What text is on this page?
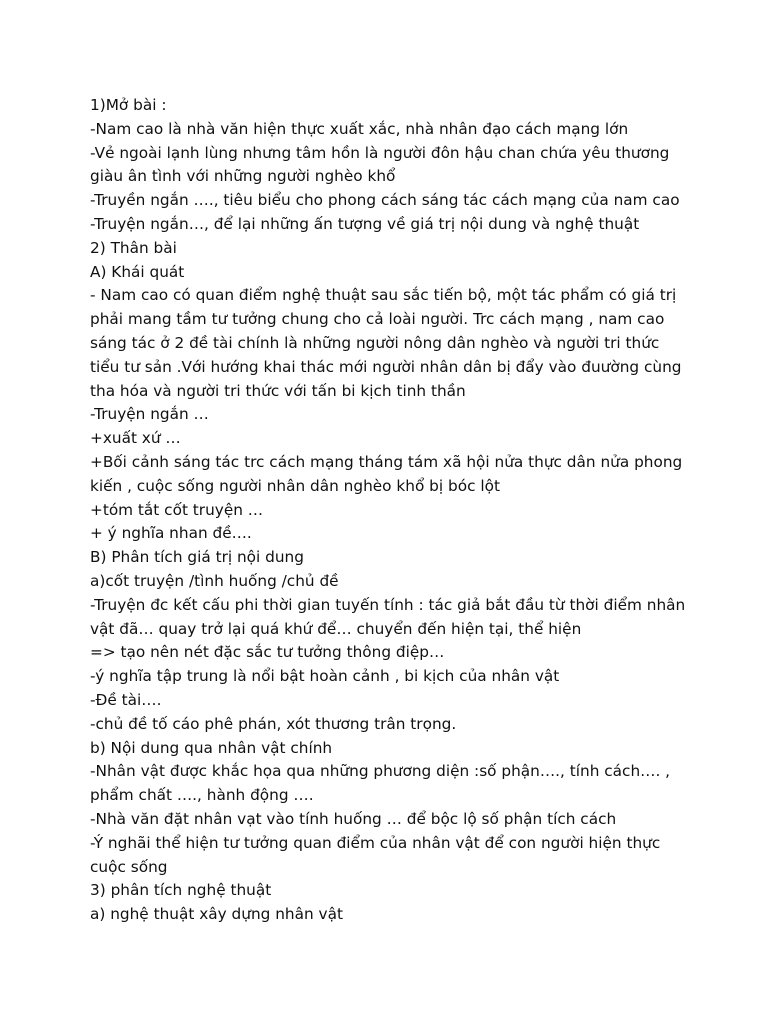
1)Mở bài :
-Nam cao là nhà văn hiện thực xuất xắc, nhà nhân đạo cách mạng lớn
-Vẻ ngoài lạnh lùng nhưng tâm hồn là người đôn hậu chan chứa yêu thương giàu ân tình với những người nghèo khổ
-Truyền ngắn …., tiêu biểu cho phong cách sáng tác cách mạng của nam cao
-Truyện ngắn…, để lại những ấn tượng về giá trị nội dung và nghệ thuật
2) Thân bài
A) Khái quát
- Nam cao có quan điểm nghệ thuật sau sắc tiến bộ, một tác phẩm có giá trị phải mang tầm tư tưởng chung cho cả loài người. Trc cách mạng , nam cao sáng tác ở 2 đề tài chính là những người nông dân nghèo và người tri thức tiểu tư sản .Với hướng khai thác mới người nhân dân bị đẩy vào đuường cùng tha hóa và người tri thức với tấn bi kịch tinh thần
-Truyện ngắn …
+xuất xứ …
+Bối cảnh sáng tác trc cách mạng tháng tám xã hội nửa thực dân nửa phong kiến , cuộc sống người nhân dân nghèo khổ bị bóc lột
+tóm tắt cốt truyện …
+ ý nghĩa nhan đề….
B) Phân tích giá trị nội dung
a)cốt truyện /tình huống /chủ đề
-Truyện đc kết cấu phi thời gian tuyến tính : tác giả bắt đầu từ thời điểm nhân vật đã… quay trở lại quá khứ để… chuyển đến hiện tại, thể hiện
=> tạo nên nét đặc sắc tư tưởng thông điệp…
-ý nghĩa tập trung là nổi bật hoàn cảnh , bi kịch của nhân vật
-Đề tài….
-chủ đề tố cáo phê phán, xót thương trân trọng.
b) Nội dung qua nhân vật chính
-Nhân vật được khắc họa qua những phương diện :số phận…., tính cách…. , phẩm chất …., hành động ….
-Nhà văn đặt nhân vạt vào tính huống … để bộc lộ số phận tích cách
-Ý nghãi thể hiện tư tưởng quan điểm của nhân vật để con người hiện thực cuộc sống
3) phân tích nghệ thuật
a) nghệ thuật xây dựng nhân vật
